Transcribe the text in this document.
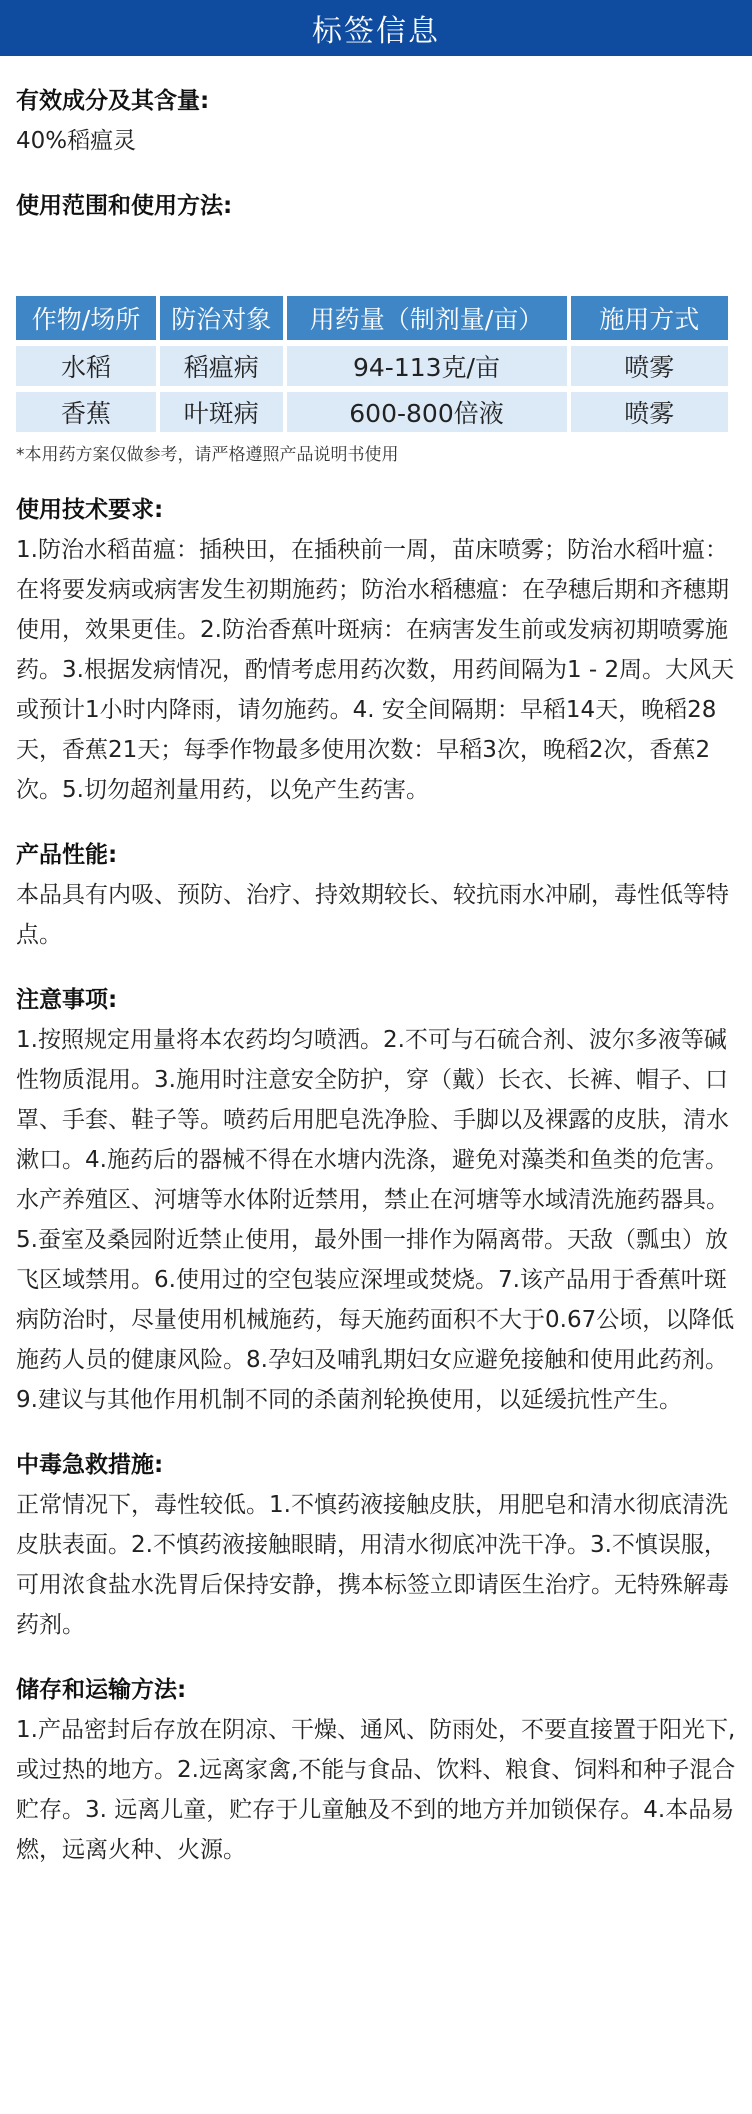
标签信息
有效成分及其含量:
40%稻瘟灵
使用范围和使用方法:
作物/场所	防治对象	用药量（制剂量/亩）	施用方式
水稻	稻瘟病	94-113克/亩	喷雾
香蕉	叶斑病	600-800倍液	喷雾
*本用药方案仅做参考，请严格遵照产品说明书使用
使用技术要求:
1.防治水稻苗瘟：插秧田，在插秧前一周，苗床喷雾；防治水稻叶瘟：在将要发病或病害发生初期施药；防治水稻穗瘟：在孕穗后期和齐穗期使用，效果更佳。2.防治香蕉叶斑病：在病害发生前或发病初期喷雾施药。3.根据发病情况，酌情考虑用药次数，用药间隔为1 - 2周。大风天或预计1小时内降雨，请勿施药。4. 安全间隔期：早稻14天，晚稻28天，香蕉21天；每季作物最多使用次数：早稻3次，晚稻2次，香蕉2次。5.切勿超剂量用药，以免产生药害。
产品性能:
本品具有内吸、预防、治疗、持效期较长、较抗雨水冲刷，毒性低等特点。
注意事项:
1.按照规定用量将本农药均匀喷洒。2.不可与石硫合剂、波尔多液等碱性物质混用。3.施用时注意安全防护，穿（戴）长衣、长裤、帽子、口罩、手套、鞋子等。喷药后用肥皂洗净脸、手脚以及裸露的皮肤，清水漱口。4.施药后的器械不得在水塘内洗涤，避免对藻类和鱼类的危害。水产养殖区、河塘等水体附近禁用，禁止在河塘等水域清洗施药器具。5.蚕室及桑园附近禁止使用，最外围一排作为隔离带。天敌（瓢虫）放飞区域禁用。6.使用过的空包装应深埋或焚烧。7.该产品用于香蕉叶斑病防治时，尽量使用机械施药，每天施药面积不大于0.67公顷，以降低施药人员的健康风险。8.孕妇及哺乳期妇女应避免接触和使用此药剂。9.建议与其他作用机制不同的杀菌剂轮换使用，以延缓抗性产生。
中毒急救措施:
正常情况下，毒性较低。1.不慎药液接触皮肤，用肥皂和清水彻底清洗皮肤表面。2.不慎药液接触眼睛，用清水彻底冲洗干净。3.不慎误服，可用浓食盐水洗胃后保持安静，携本标签立即请医生治疗。无特殊解毒药剂。
储存和运输方法:
1.产品密封后存放在阴凉、干燥、通风、防雨处，不要直接置于阳光下,或过热的地方。2.远离家禽,不能与食品、饮料、粮食、饲料和种子混合贮存。3. 远离儿童，贮存于儿童触及不到的地方并加锁保存。4.本品易燃，远离火种、火源。
